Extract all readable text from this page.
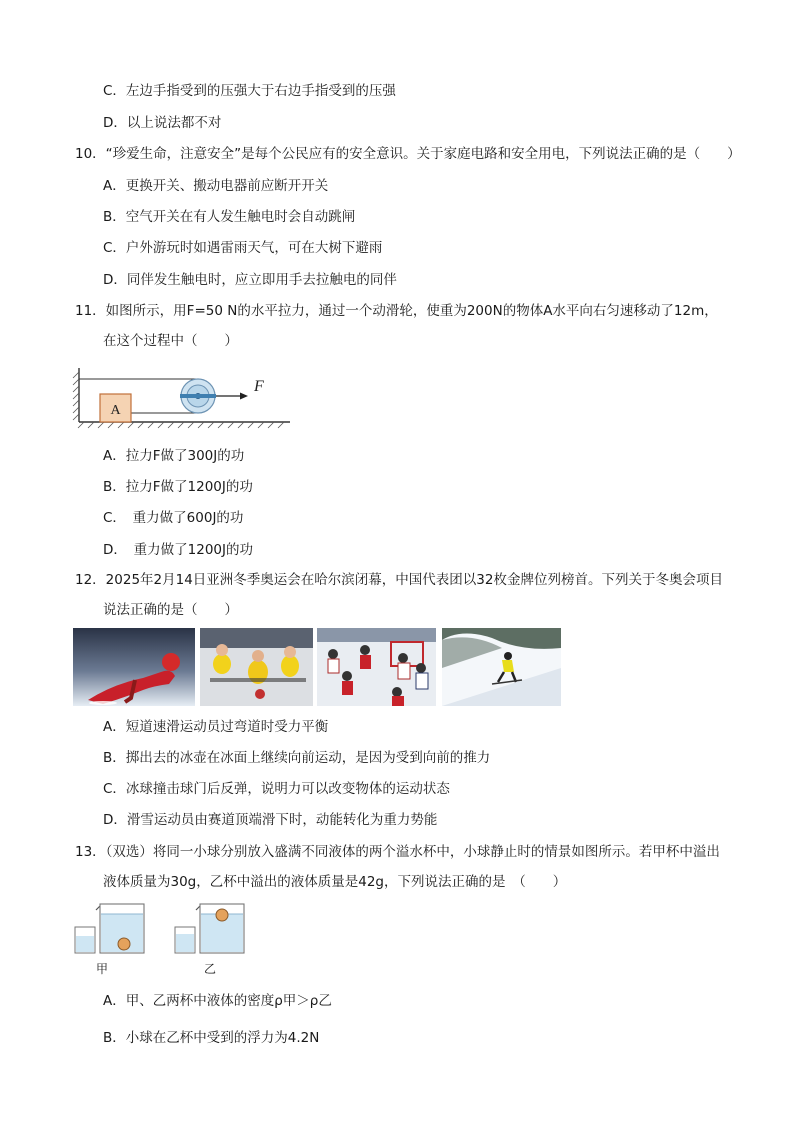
C．左边手指受到的压强大于右边手指受到的压强
D．以上说法都不对
10．“珍爱生命，注意安全”是每个公民应有的安全意识。关于家庭电路和安全用电，下列说法正确的是（　　）
A．更换开关、搬动电器前应断开开关
B．空气开关在有人发生触电时会自动跳闸
C．户外游玩时如遇雷雨天气，可在大树下避雨
D．同伴发生触电时，应立即用手去拉触电的同伴
11．如图所示，用F=50 N的水平拉力，通过一个动滑轮，使重为200N的物体A水平向右匀速移动了12m，
在这个过程中（　　）
A
F
A．拉力F做了300J的功
B．拉力F做了1200J的功
C．　重力做了600J的功
D．　重力做了1200J的功
12．2025年2月14日亚洲冬季奥运会在哈尔滨闭幕，中国代表团以32枚金牌位列榜首。下列关于冬奥会项目
说法正确的是（　　）
A．短道速滑运动员过弯道时受力平衡
B．掷出去的冰壶在冰面上继续向前运动，是因为受到向前的推力
C．冰球撞击球门后反弹，说明力可以改变物体的运动状态
D．滑雪运动员由赛道顶端滑下时，动能转化为重力势能
13．（双选）将同一小球分别放入盛满不同液体的两个溢水杯中，小球静止时的情景如图所示。若甲杯中溢出
液体质量为30g，乙杯中溢出的液体质量是42g，下列说法正确的是　（　　）
甲	乙
A．甲、乙两杯中液体的密度ρ甲＞ρ乙
B．小球在乙杯中受到的浮力为4.2N
